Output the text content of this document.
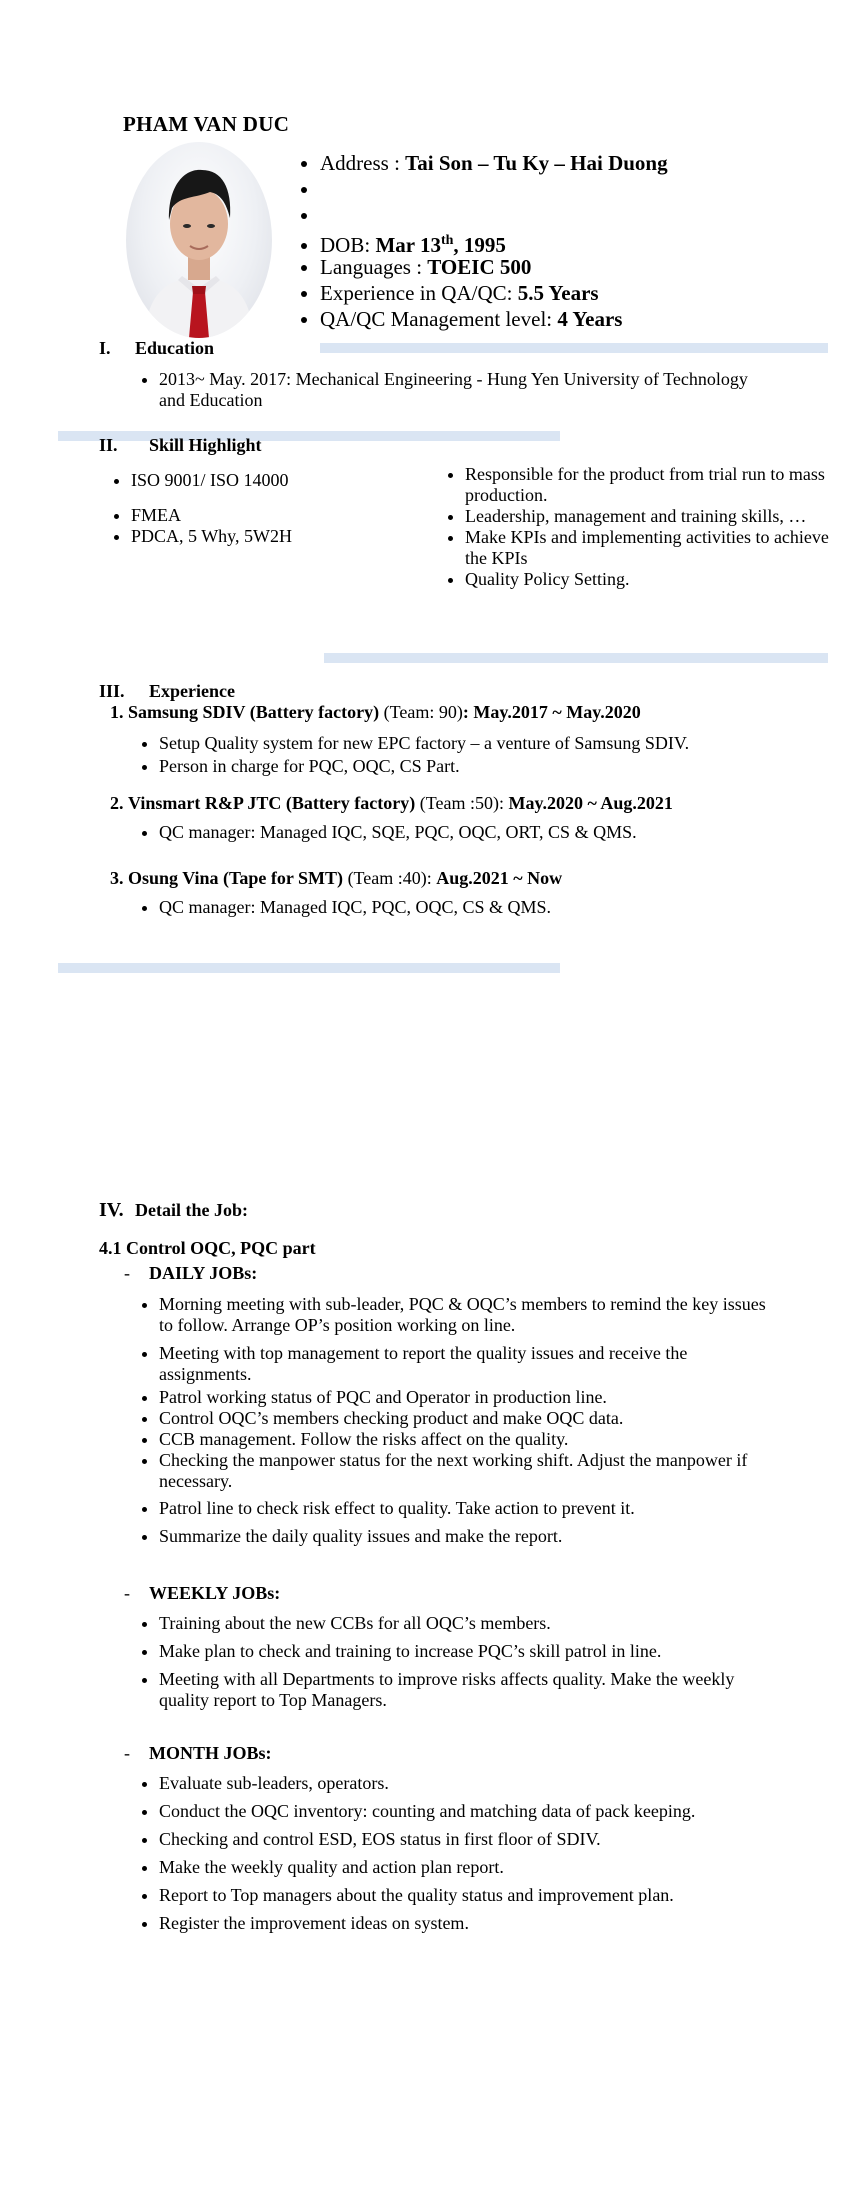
PHAM VAN DUC
• Address : Tai Son – Tu Ky – Hai Duong
•
•
• DOB: Mar 13th, 1995
• Languages : TOEIC 500
• Experience in QA/QC: 5.5 Years
• QA/QC Management level: 4 Years
I. Education
• 2013~ May. 2017: Mechanical Engineering - Hung Yen University of Technology and Education
II. Skill Highlight
• ISO 9001/ ISO 14000
• FMEA
• PDCA, 5 Why, 5W2H
• Responsible for the product from trial run to mass production.
• Leadership, management and training skills, …
• Make KPIs and implementing activities to achieve the KPIs
• Quality Policy Setting.
III. Experience
1. Samsung SDIV (Battery factory) (Team: 90): May.2017 ~ May.2020
• Setup Quality system for new EPC factory – a venture of Samsung SDIV.
• Person in charge for PQC, OQC, CS Part.
2. Vinsmart R&P JTC (Battery factory) (Team :50): May.2020 ~ Aug.2021
• QC manager: Managed IQC, SQE, PQC, OQC, ORT, CS & QMS.
3. Osung Vina (Tape for SMT) (Team :40): Aug.2021 ~ Now
• QC manager: Managed IQC, PQC, OQC, CS & QMS.
IV. Detail the Job:
4.1 Control OQC, PQC part
- DAILY JOBs:
• Morning meeting with sub-leader, PQC & OQC’s members to remind the key issues to follow. Arrange OP’s position working on line.
• Meeting with top management to report the quality issues and receive the assignments.
• Patrol working status of PQC and Operator in production line.
• Control OQC’s members checking product and make OQC data.
• CCB management. Follow the risks affect on the quality.
• Checking the manpower status for the next working shift. Adjust the manpower if necessary.
• Patrol line to check risk effect to quality. Take action to prevent it.
• Summarize the daily quality issues and make the report.
- WEEKLY JOBs:
• Training about the new CCBs for all OQC’s members.
• Make plan to check and training to increase PQC’s skill patrol in line.
• Meeting with all Departments to improve risks affects quality. Make the weekly quality report to Top Managers.
- MONTH JOBs:
• Evaluate sub-leaders, operators.
• Conduct the OQC inventory: counting and matching data of pack keeping.
• Checking and control ESD, EOS status in first floor of SDIV.
• Make the weekly quality and action plan report.
• Report to Top managers about the quality status and improvement plan.
• Register the improvement ideas on system.
